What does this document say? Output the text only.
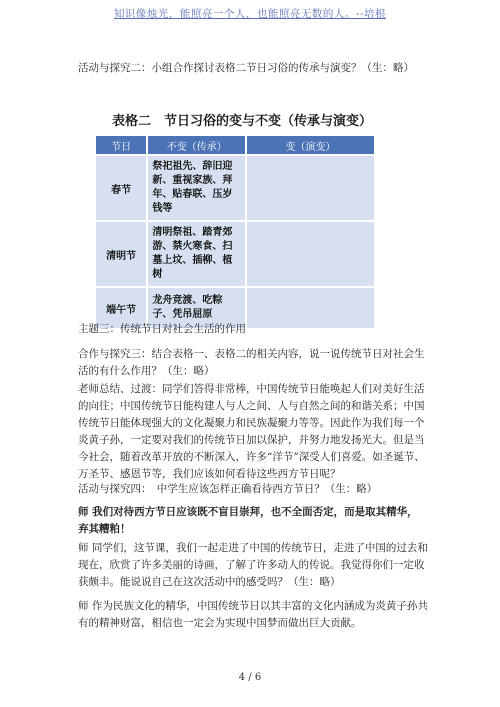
知识像烛光，能照亮一个人，也能照亮无数的人。--培根

活动与探究二：小组合作探讨表格二节日习俗的传承与演变？（生：略）

表格二　节日习俗的变与不变（传承与演变）
节日	不变（传承）	变（演变）
春节	祭祀祖先、辞旧迎新、重视家族、拜年、贴春联、压岁钱等	
清明节	清明祭祖、踏青郊游、禁火寒食、扫墓上坟、插柳、植树	
端午节	龙舟竞渡、吃粽子、凭吊屈原	

主题三：传统节日对社会生活的作用

合作与探究三：结合表格一、表格二的相关内容，说一说传统节日对社会生活的有什么作用？（生：略）

老师总结、过渡：同学们答得非常棒，中国传统节日能唤起人们对美好生活的向往；中国传统节日能构建人与人之间、人与自然之间的和谐关系；中国传统节日能体现强大的文化凝聚力和民族凝聚力等等。因此作为我们每一个炎黄子孙，一定要对我们的传统节日加以保护，并努力地发扬光大。但是当今社会，随着改革开放的不断深入，许多“洋节”深受人们喜爱。如圣诞节、万圣节、感恩节等，我们应该如何看待这些西方节日呢？

活动与探究四：　中学生应该怎样正确看待西方节日？（生：略）

师 我们对待西方节日应该既不盲目崇拜，也不全面否定，而是取其精华，弃其糟粕！

师 同学们，这节课，我们一起走进了中国的传统节日，走进了中国的过去和现在，欣赏了许多美丽的诗画，了解了许多动人的传说。我觉得你们一定收获颇丰。能说说自己在这次活动中的感受吗？（生：略）

师 作为民族文化的精华，中国传统节日以其丰富的文化内涵成为炎黄子孙共有的精神财富，相信也一定会为实现中国梦而做出巨大贡献。

4 / 6
